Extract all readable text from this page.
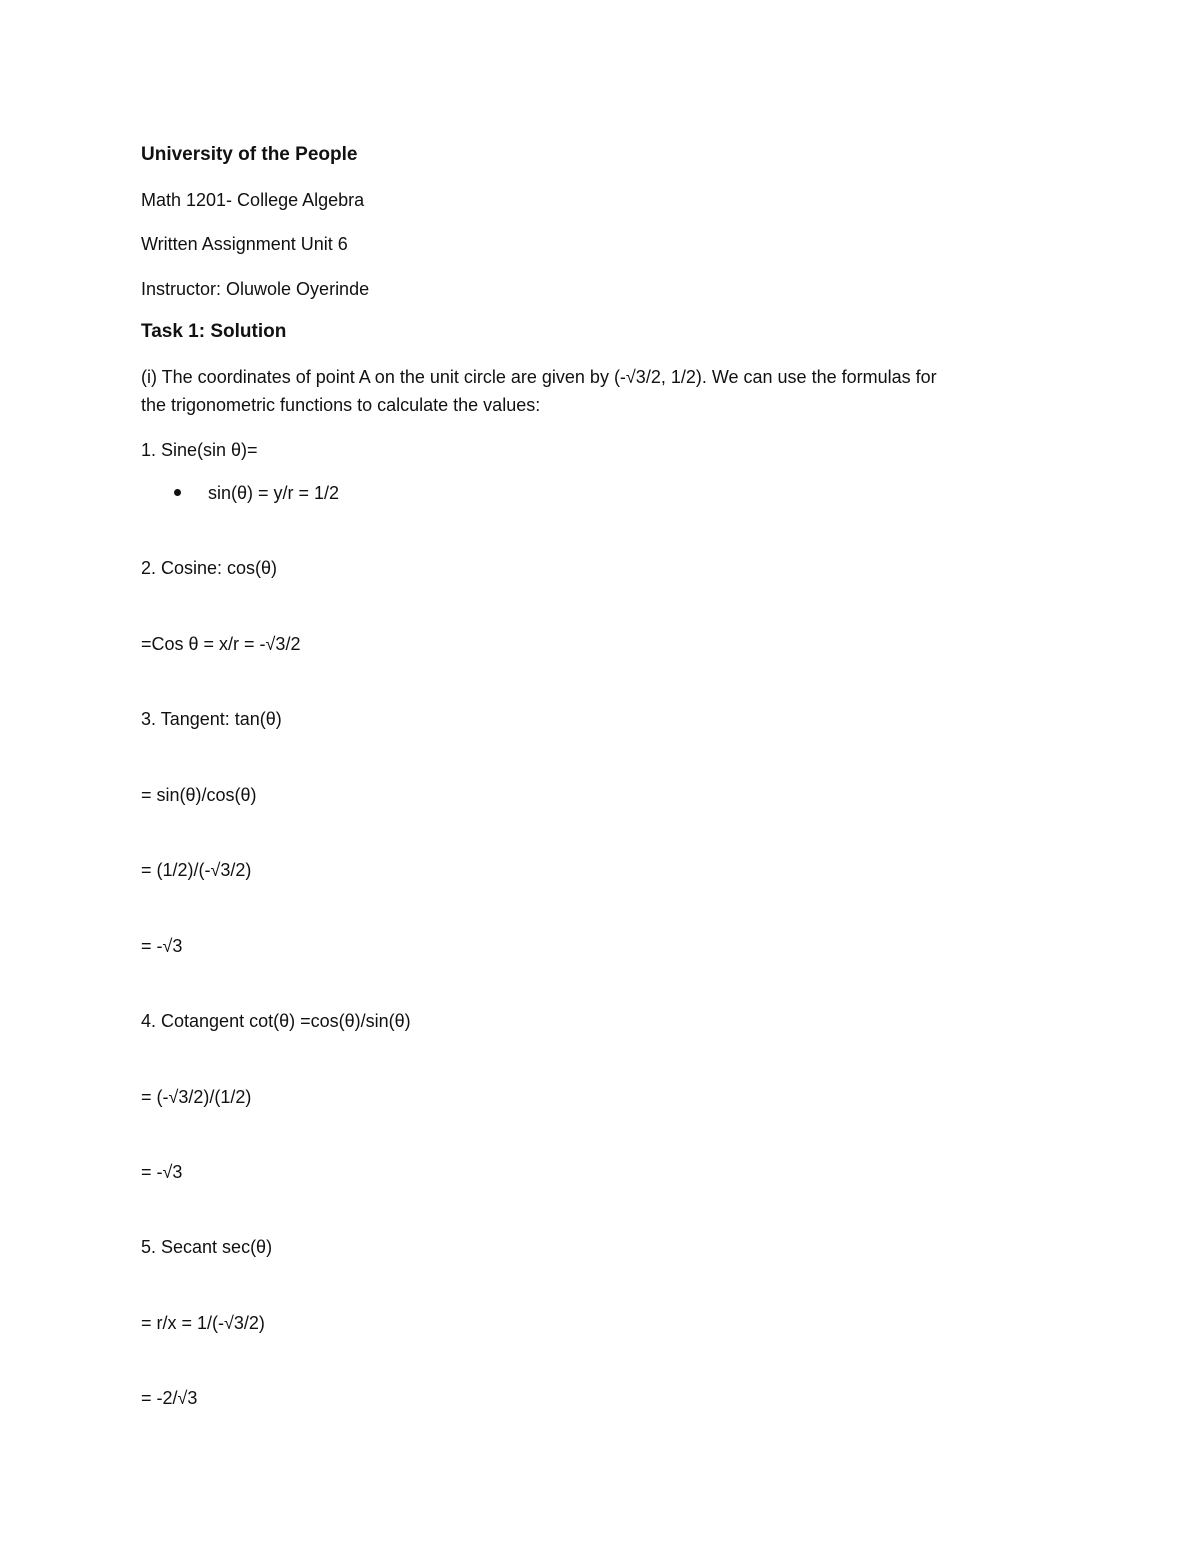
University of the People
Math 1201- College Algebra
Written Assignment Unit 6
Instructor: Oluwole Oyerinde
Task 1: Solution
(i) The coordinates of point A on the unit circle are given by (-√3/2, 1/2). We can use the formulas for
the trigonometric functions to calculate the values:
1. Sine(sin θ)=
sin(θ) = y/r = 1/2
2. Cosine: cos(θ)
=Cos θ = x/r = -√3/2
3. Tangent: tan(θ)
= sin(θ)/cos(θ)
= (1/2)/(-√3/2)
= -√3
4. Cotangent cot(θ) =cos(θ)/sin(θ)
= (-√3/2)/(1/2)
= -√3
5. Secant sec(θ)
= r/x = 1/(-√3/2)
= -2/√3
